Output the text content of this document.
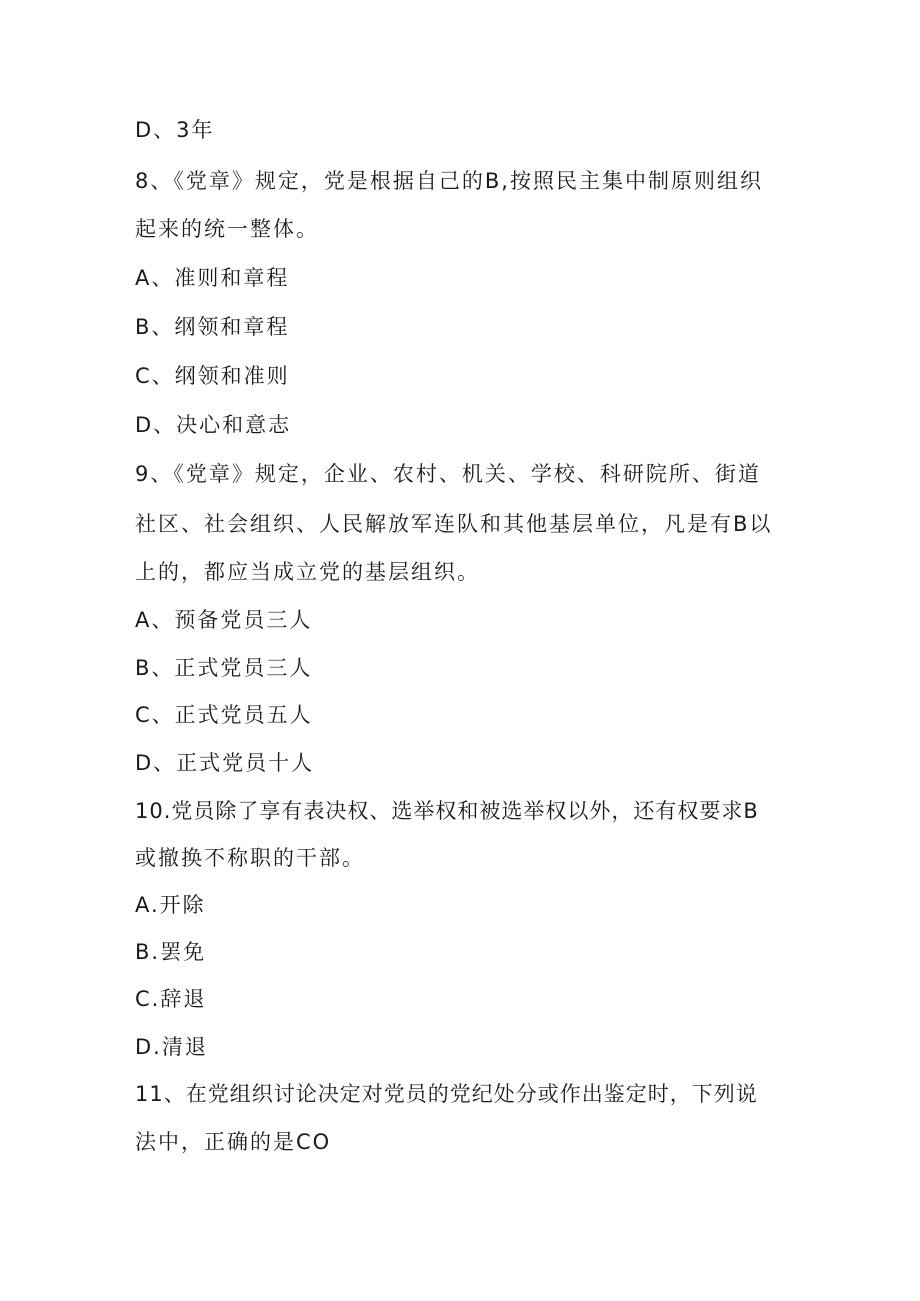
D、3年
8、《党章》规定，党是根据自己的B,按照民主集中制原则组织
起来的统一整体。
A、准则和章程
B、纲领和章程
C、纲领和准则
D、决心和意志
9、《党章》规定，企业、农村、机关、学校、科研院所、街道
社区、社会组织、人民解放军连队和其他基层单位，凡是有B以
上的，都应当成立党的基层组织。
A、预备党员三人
B、正式党员三人
C、正式党员五人
D、正式党员十人
10.党员除了享有表决权、选举权和被选举权以外，还有权要求B
或撤换不称职的干部。
A.开除
B.罢免
C.辞退
D.清退
11、在党组织讨论决定对党员的党纪处分或作出鉴定时，下列说
法中，正确的是CO
